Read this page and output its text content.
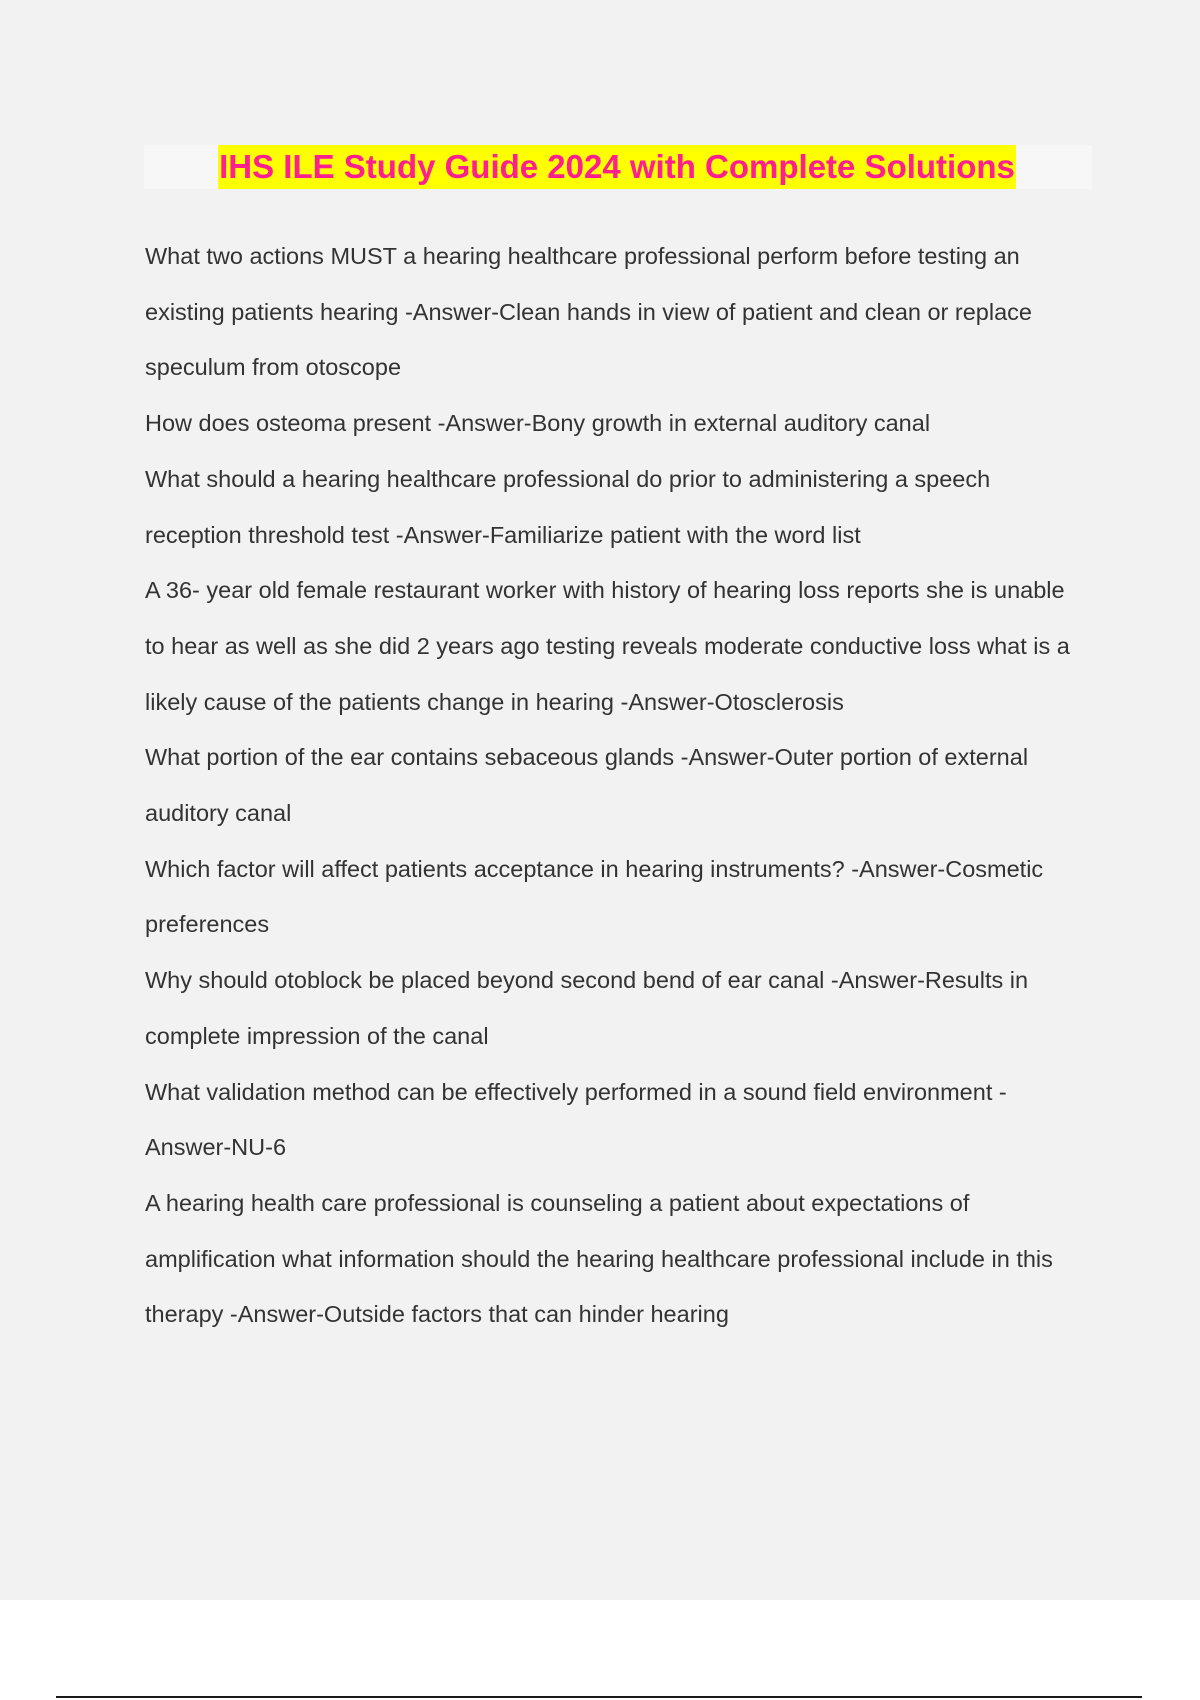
IHS ILE Study Guide 2024 with Complete Solutions

What two actions MUST a hearing healthcare professional perform before testing an existing patients hearing -Answer-Clean hands in view of patient and clean or replace speculum from otoscope

How does osteoma present -Answer-Bony growth in external auditory canal

What should a hearing healthcare professional do prior to administering a speech reception threshold test -Answer-Familiarize patient with the word list

A 36- year old female restaurant worker with history of hearing loss reports she is unable to hear as well as she did 2 years ago testing reveals moderate conductive loss what is a likely cause of the patients change in hearing -Answer-Otosclerosis

What portion of the ear contains sebaceous glands -Answer-Outer portion of external auditory canal

Which factor will affect patients acceptance in hearing instruments? -Answer-Cosmetic preferences

Why should otoblock be placed beyond second bend of ear canal -Answer-Results in complete impression of the canal

What validation method can be effectively performed in a sound field environment -Answer-NU-6

A hearing health care professional is counseling a patient about expectations of amplification what information should the hearing healthcare professional include in this therapy -Answer-Outside factors that can hinder hearing
